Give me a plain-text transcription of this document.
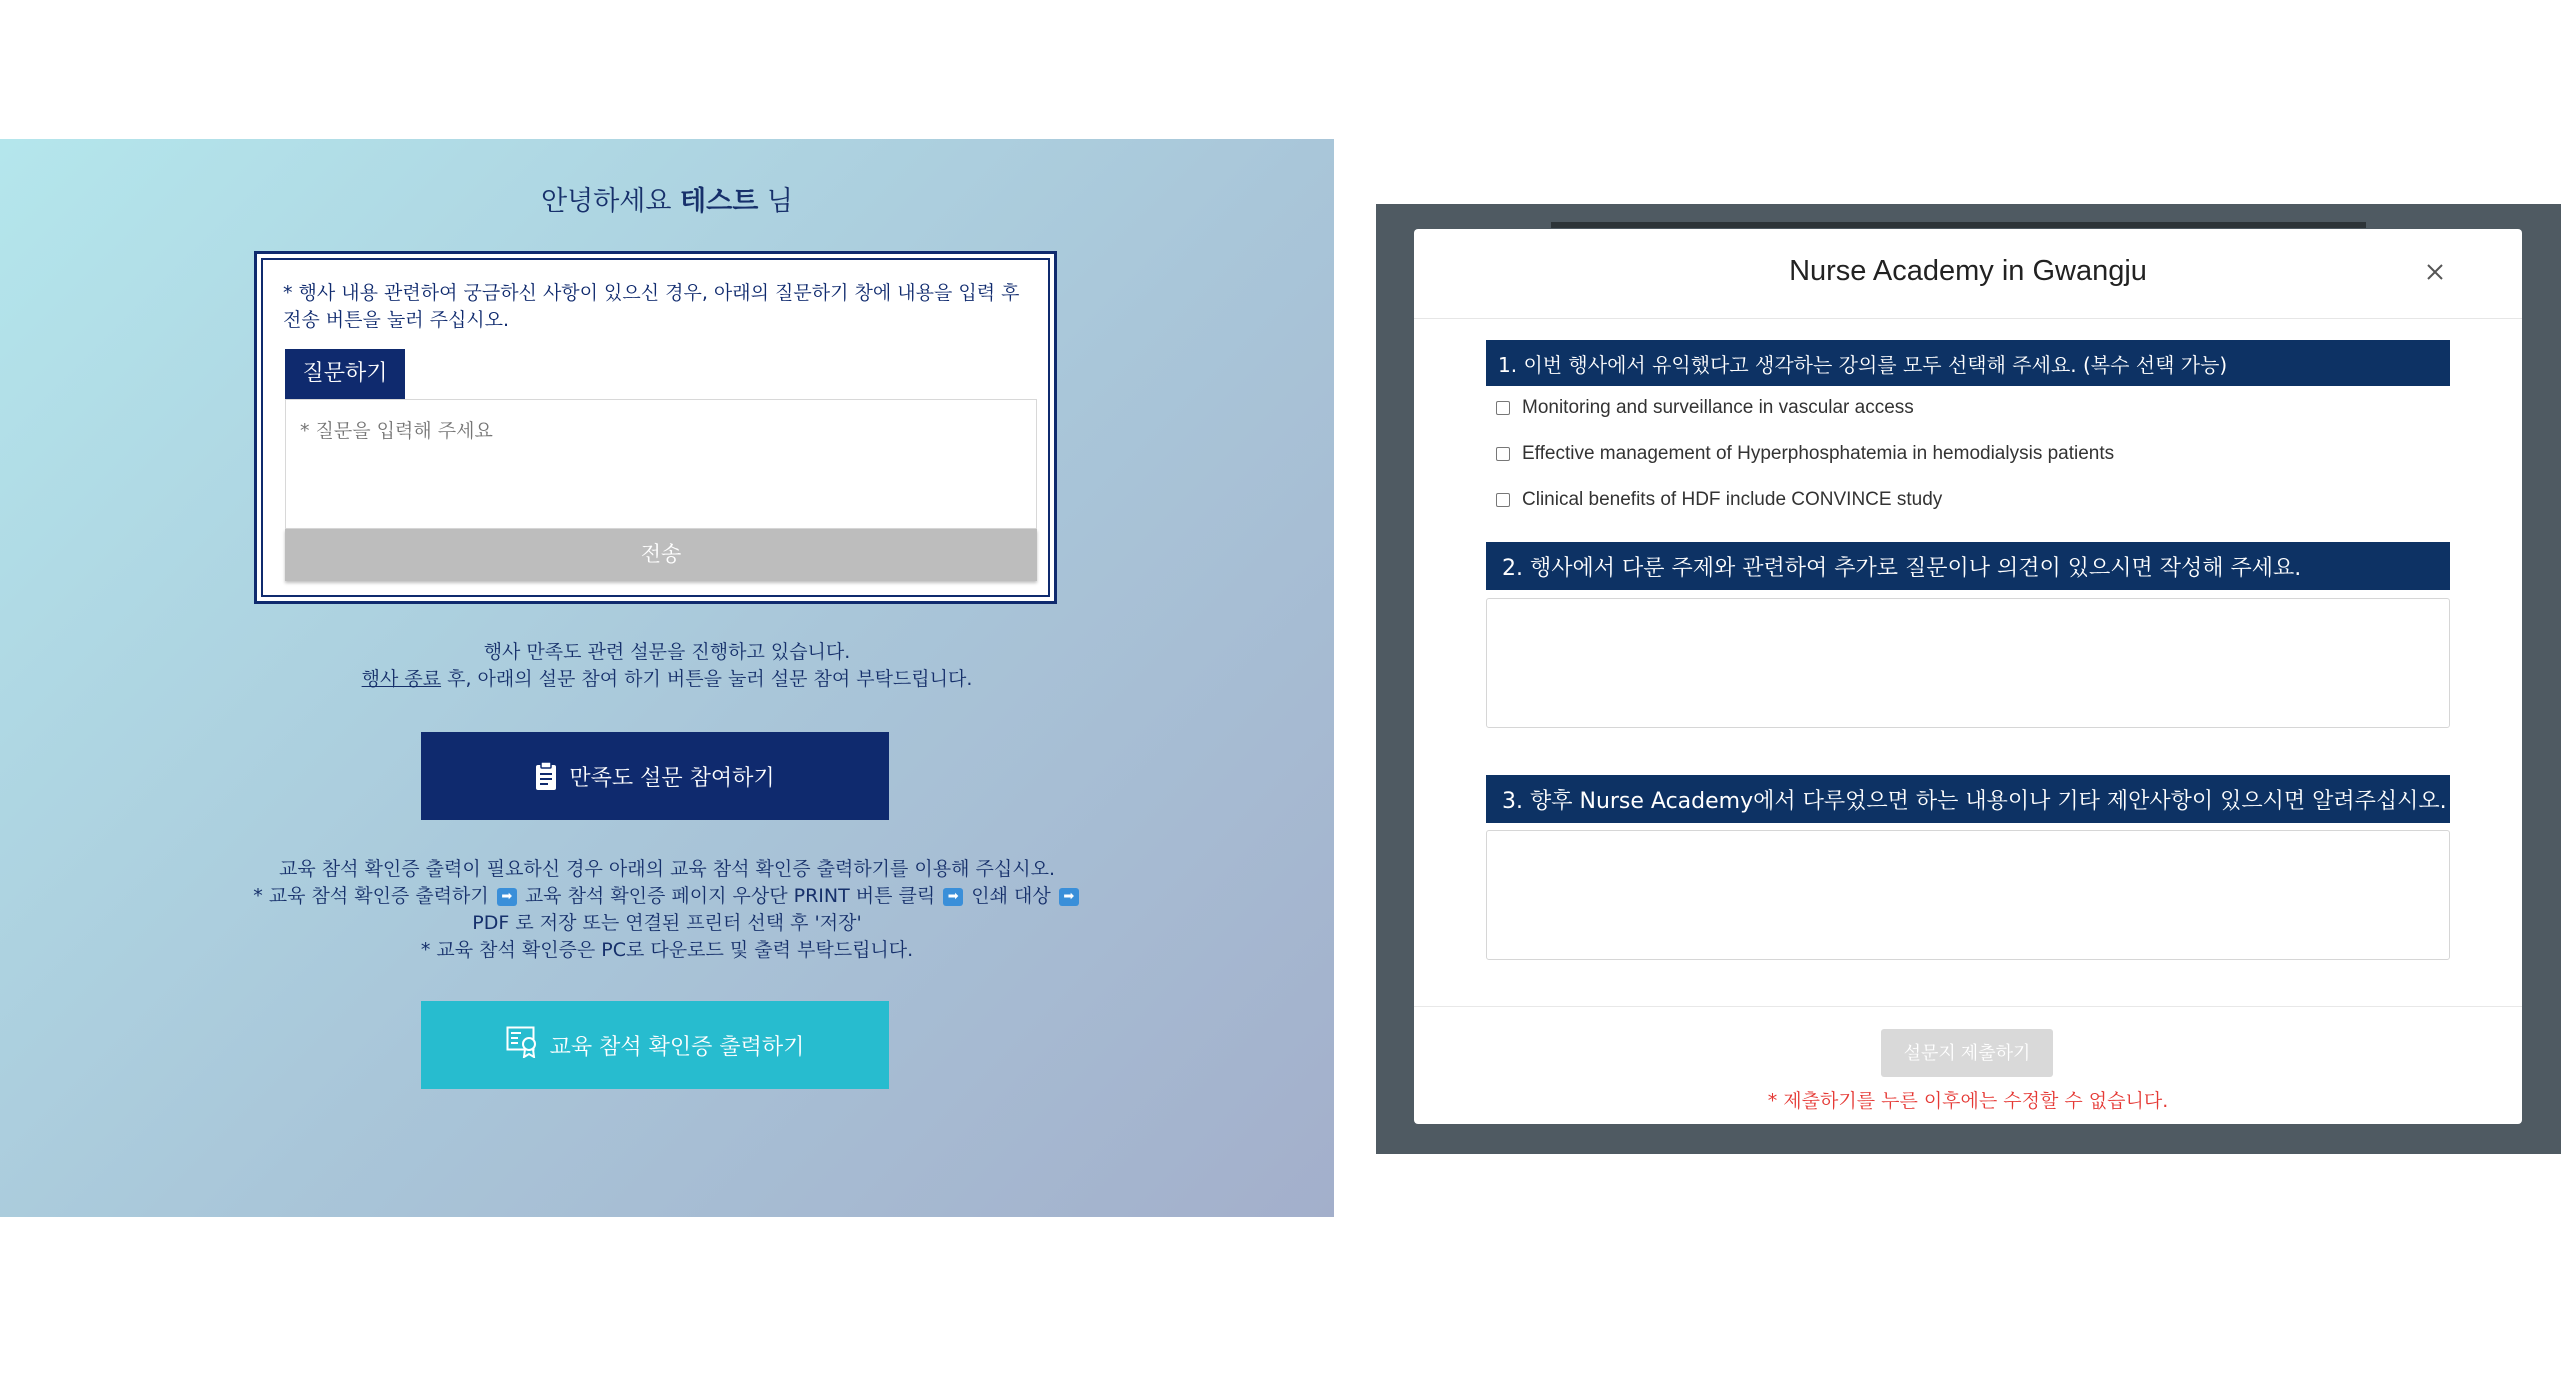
안녕하세요 테스트 님
* 행사 내용 관련하여 궁금하신 사항이 있으신 경우, 아래의 질문하기 창에 내용을 입력 후 전송 버튼을 눌러 주십시오.
질문하기
* 질문을 입력해 주세요
전송
행사 만족도 관련 설문을 진행하고 있습니다.
행사 종료 후, 아래의 설문 참여 하기 버튼을 눌러 설문 참여 부탁드립니다.
만족도 설문 참여하기
교육 참석 확인증 출력이 필요하신 경우 아래의 교육 참석 확인증 출력하기를 이용해 주십시오.
* 교육 참석 확인증 출력하기 ➡ 교육 참석 확인증 페이지 우상단 PRINT 버튼 클릭 ➡ 인쇄 대상 ➡
PDF 로 저장 또는 연결된 프린터 선택 후 '저장'
* 교육 참석 확인증은 PC로 다운로드 및 출력 부탁드립니다.
교육 참석 확인증 출력하기
Nurse Academy in Gwangju
1. 이번 행사에서 유익했다고 생각하는 강의를 모두 선택해 주세요. (복수 선택 가능)
Monitoring and surveillance in vascular access
Effective management of Hyperphosphatemia in hemodialysis patients
Clinical benefits of HDF include CONVINCE study
2. 행사에서 다룬 주제와 관련하여 추가로 질문이나 의견이 있으시면 작성해 주세요.
3. 향후 Nurse Academy에서 다루었으면 하는 내용이나 기타 제안사항이 있으시면 알려주십시오.
설문지 제출하기
* 제출하기를 누른 이후에는 수정할 수 없습니다.
